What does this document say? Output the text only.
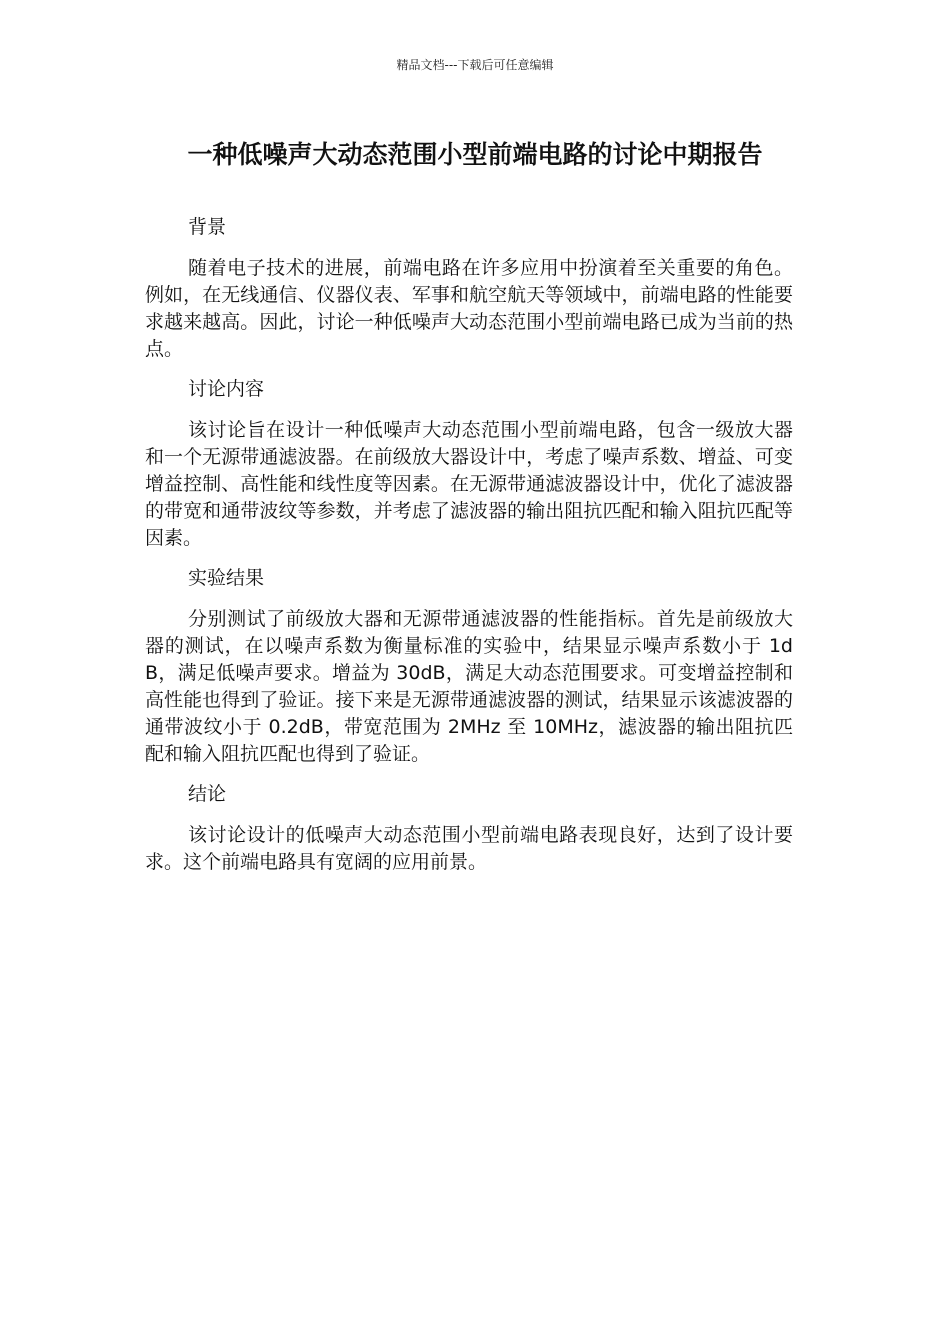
精品文档---下载后可任意编辑
一种低噪声大动态范围小型前端电路的讨论中期报告
背景

随着电子技术的进展，前端电路在许多应用中扮演着至关重要的角色。例如，在无线通信、仪器仪表、军事和航空航天等领域中，前端电路的性能要求越来越高。因此，讨论一种低噪声大动态范围小型前端电路已成为当前的热点。

讨论内容

该讨论旨在设计一种低噪声大动态范围小型前端电路，包含一级放大器和一个无源带通滤波器。在前级放大器设计中，考虑了噪声系数、增益、可变增益控制、高性能和线性度等因素。在无源带通滤波器设计中，优化了滤波器的带宽和通带波纹等参数，并考虑了滤波器的输出阻抗匹配和输入阻抗匹配等因素。

实验结果

分别测试了前级放大器和无源带通滤波器的性能指标。首先是前级放大器的测试，在以噪声系数为衡量标准的实验中，结果显示噪声系数小于 1dB，满足低噪声要求。增益为 30dB，满足大动态范围要求。可变增益控制和高性能也得到了验证。接下来是无源带通滤波器的测试，结果显示该滤波器的通带波纹小于 0.2dB，带宽范围为 2MHz 至 10MHz，滤波器的输出阻抗匹配和输入阻抗匹配也得到了验证。

结论

该讨论设计的低噪声大动态范围小型前端电路表现良好，达到了设计要求。这个前端电路具有宽阔的应用前景。
